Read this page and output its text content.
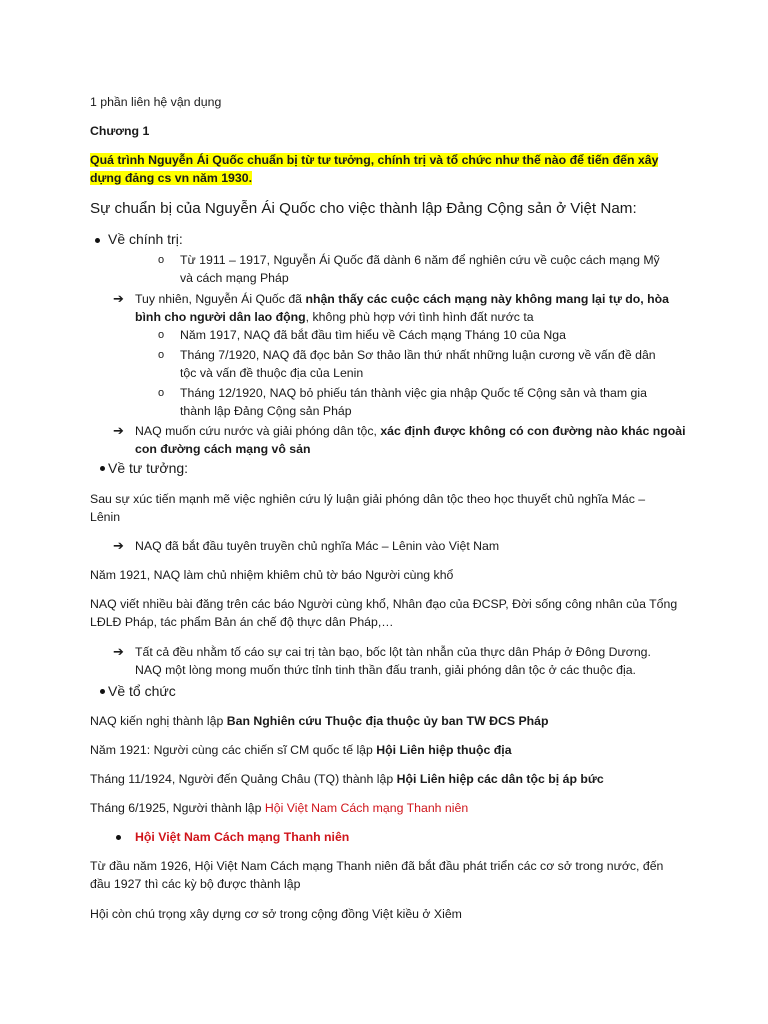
1 phần liên hệ vận dụng
Chương 1
Quá trình Nguyễn Ái Quốc chuẩn bị từ tư tưởng, chính trị và tổ chức như thế nào để tiến đến xây
dựng đảng cs vn năm 1930.
Sự chuẩn bị của Nguyễn Ái Quốc cho việc thành lập Đảng Cộng sản ở Việt Nam:
Về chính trị:
o Từ 1911 – 1917, Nguyễn Ái Quốc đã dành 6 năm để nghiên cứu về cuộc cách mạng Mỹ
và cách mạng Pháp
➔ Tuy nhiên, Nguyễn Ái Quốc đã nhận thấy các cuộc cách mạng này không mang lại tự do, hòa
bình cho người dân lao động, không phù hợp với tình hình đất nước ta
o Năm 1917, NAQ đã bắt đầu tìm hiểu về Cách mạng Tháng 10 của Nga
o Tháng 7/1920, NAQ đã đọc bản Sơ thảo lần thứ nhất những luận cương về vấn đề dân
tộc và vấn đề thuộc địa của Lenin
o Tháng 12/1920, NAQ bỏ phiếu tán thành việc gia nhập Quốc tế Cộng sản và tham gia
thành lập Đảng Cộng sản Pháp
➔ NAQ muốn cứu nước và giải phóng dân tộc, xác định được không có con đường nào khác ngoài
con đường cách mạng vô sản
Về tư tưởng:
Sau sự xúc tiến mạnh mẽ việc nghiên cứu lý luận giải phóng dân tộc theo học thuyết chủ nghĩa Mác –
Lênin
➔ NAQ đã bắt đầu tuyên truyền chủ nghĩa Mác – Lênin vào Việt Nam
Năm 1921, NAQ làm chủ nhiệm khiêm chủ tờ báo Người cùng khổ
NAQ viết nhiều bài đăng trên các báo Người cùng khổ, Nhân đạo của ĐCSP, Đời sống công nhân của Tổng
LĐLĐ Pháp, tác phẩm Bản án chế độ thực dân Pháp,…
➔ Tất cả đều nhằm tố cáo sự cai trị tàn bạo, bốc lột tàn nhẫn của thực dân Pháp ở Đông Dương.
NAQ một lòng mong muốn thức tỉnh tinh thần đấu tranh, giải phóng dân tộc ở các thuộc địa.
Về tổ chức
NAQ kiến nghị thành lập Ban Nghiên cứu Thuộc địa thuộc ủy ban TW ĐCS Pháp
Năm 1921: Người cùng các chiến sĩ CM quốc tế lập Hội Liên hiệp thuộc địa
Tháng 11/1924, Người đến Quảng Châu (TQ) thành lập Hội Liên hiệp các dân tộc bị áp bức
Tháng 6/1925, Người thành lập Hội Việt Nam Cách mạng Thanh niên
Hội Việt Nam Cách mạng Thanh niên
Từ đầu năm 1926, Hội Việt Nam Cách mạng Thanh niên đã bắt đầu phát triển các cơ sở trong nước, đến
đầu 1927 thì các kỳ bộ được thành lập
Hội còn chú trọng xây dựng cơ sở trong cộng đồng Việt kiều ở Xiêm
